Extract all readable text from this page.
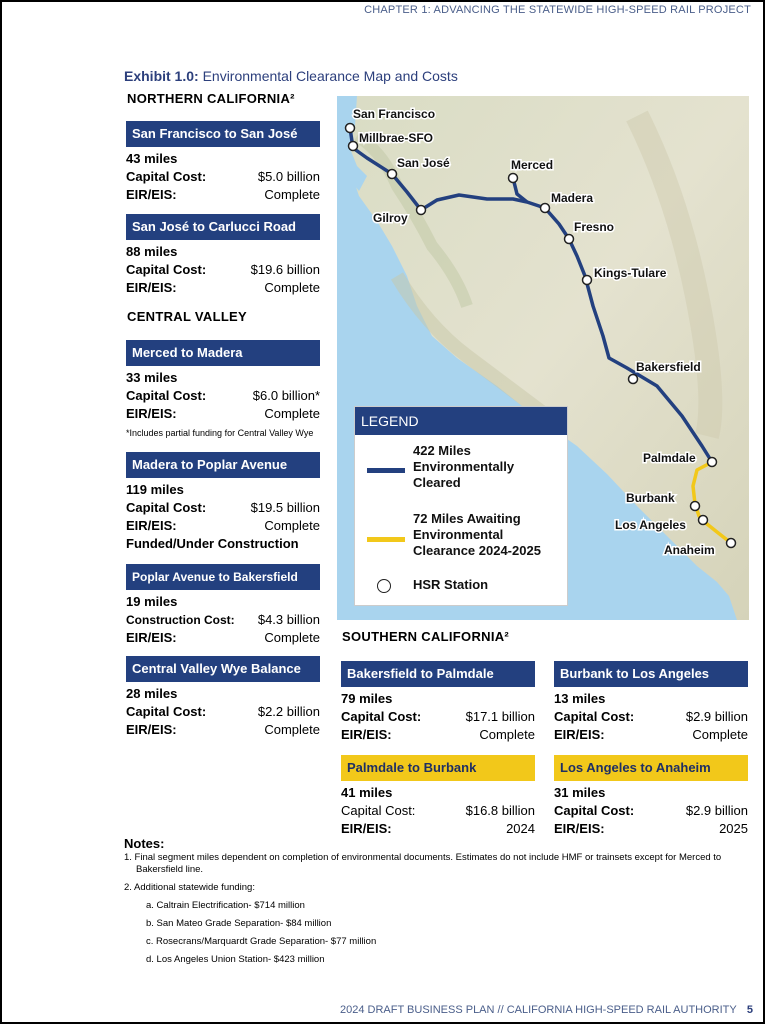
CHAPTER 1: ADVANCING THE STATEWIDE HIGH-SPEED RAIL PROJECT
Exhibit 1.0: Environmental Clearance Map and Costs
NORTHERN CALIFORNIA²
San Francisco to San José
43 miles
Capital Cost:	$5.0 billion
EIR/EIS:	Complete
San José to Carlucci Road
88 miles
Capital Cost:	$19.6 billion
EIR/EIS:	Complete
CENTRAL VALLEY
Merced to Madera
33 miles
Capital Cost:	$6.0 billion*
EIR/EIS:	Complete
*Includes partial funding for Central Valley Wye
Madera to Poplar Avenue
119 miles
Capital Cost:	$19.5 billion
EIR/EIS:	Complete
Funded/Under Construction
Poplar Avenue to Bakersfield
19 miles
Construction Cost: $4.3 billion
EIR/EIS:	Complete
Central Valley Wye Balance
28 miles
Capital Cost:	$2.2 billion
EIR/EIS:	Complete
San Francisco
Millbrae-SFO
San José
Gilroy
Merced
Madera
Fresno
Kings-Tulare
Bakersfield
Palmdale
Burbank
Los Angeles
Anaheim
LEGEND
422 Miles Environmentally Cleared
72 Miles Awaiting Environmental Clearance 2024-2025
HSR Station
SOUTHERN CALIFORNIA²
Bakersfield to Palmdale
79 miles
Capital Cost:	$17.1 billion
EIR/EIS:	Complete
Burbank to Los Angeles
13 miles
Capital Cost:	$2.9 billion
EIR/EIS:	Complete
Palmdale to Burbank
41 miles
Capital Cost:	$16.8 billion
EIR/EIS:	2024
Los Angeles to Anaheim
31 miles
Capital Cost:	$2.9 billion
EIR/EIS:	2025
Notes:

1. Final segment miles dependent on completion of environmental documents. Estimates do not include HMF or trainsets except for Merced to Bakersfield line.

2. Additional statewide funding:

a. Caltrain Electrification- $714 million

b. San Mateo Grade Separation- $84 million

c. Rosecrans/Marquardt Grade Separation- $77 million

d. Los Angeles Union Station- $423 million

2024 DRAFT BUSINESS PLAN // CALIFORNIA HIGH-SPEED RAIL AUTHORITY 5
